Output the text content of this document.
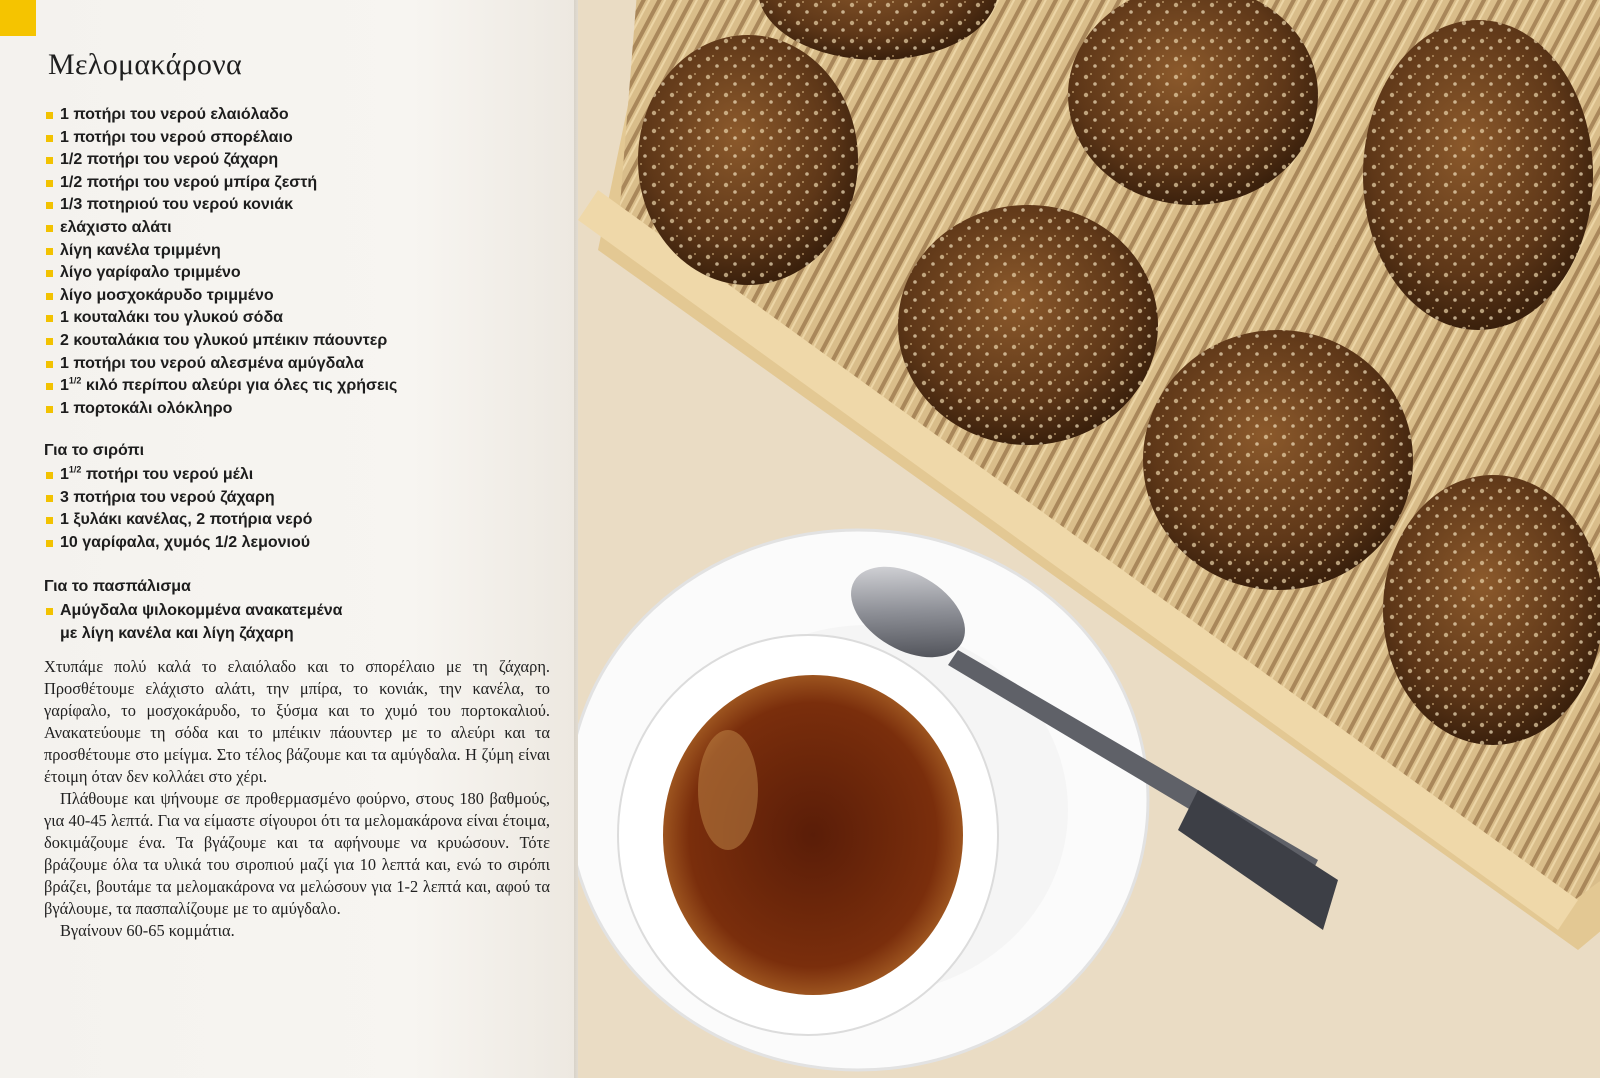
Μελομακάρονα
1 ποτήρι του νερού ελαιόλαδο
1 ποτήρι του νερού σπορέλαιο
1/2 ποτήρι του νερού ζάχαρη
1/2 ποτήρι του νερού μπίρα ζεστή
1/3 ποτηριού του νερού κονιάκ
ελάχιστο αλάτι
λίγη κανέλα τριμμένη
λίγο γαρίφαλο τριμμένο
λίγο μοσχοκάρυδο τριμμένο
1 κουταλάκι του γλυκού σόδα
2 κουταλάκια του γλυκού μπέικιν πάουντερ
1 ποτήρι του νερού αλεσμένα αμύγδαλα
$1^{1/2}$ κιλό περίπου αλεύρι για όλες τις χρήσεις
1 πορτοκάλι ολόκληρο
Για το σιρόπι
$1^{1/2}$ ποτήρι του νερού μέλι
3 ποτήρια του νερού ζάχαρη
1 ξυλάκι κανέλας, 2 ποτήρια νερό
10 γαρίφαλα, χυμός 1/2 λεμονιού
Για το πασπάλισμα
Αμύγδαλα ψιλοκομμένα ανακατεμένα
με λίγη κανέλα και λίγη ζάχαρη

Χτυπάμε πολύ καλά το ελαιόλαδο και το σπορέλαιο με τη ζάχαρη. Προσθέτουμε ελάχιστο αλάτι, την μπίρα, το κονιάκ, την κανέλα, το γαρίφαλο, το μοσχοκάρυδο, το ξύσμα και το χυμό του πορτοκαλιού. Ανακατεύουμε τη σόδα και το μπέικιν πάουντερ με το αλεύρι και τα προσθέτουμε στο μείγμα. Στο τέλος βάζουμε και τα αμύγδαλα. Η ζύμη είναι έτοιμη όταν δεν κολλάει στο χέρι.

Πλάθουμε και ψήνουμε σε προθερμασμένο φούρνο, στους 180 βαθμούς, για 40-45 λεπτά. Για να είμαστε σίγουροι ότι τα μελομακάρονα είναι έτοιμα, δοκιμάζουμε ένα. Τα βγάζουμε και τα αφήνουμε να κρυώσουν. Τότε βράζουμε όλα τα υλικά του σιροπιού μαζί για 10 λεπτά και, ενώ το σιρόπι βράζει, βουτάμε τα μελομακάρονα να μελώσουν για 1-2 λεπτά και, αφού τα βγάλουμε, τα πασπαλίζουμε με το αμύγδαλο.

Βγαίνουν 60-65 κομμάτια.
